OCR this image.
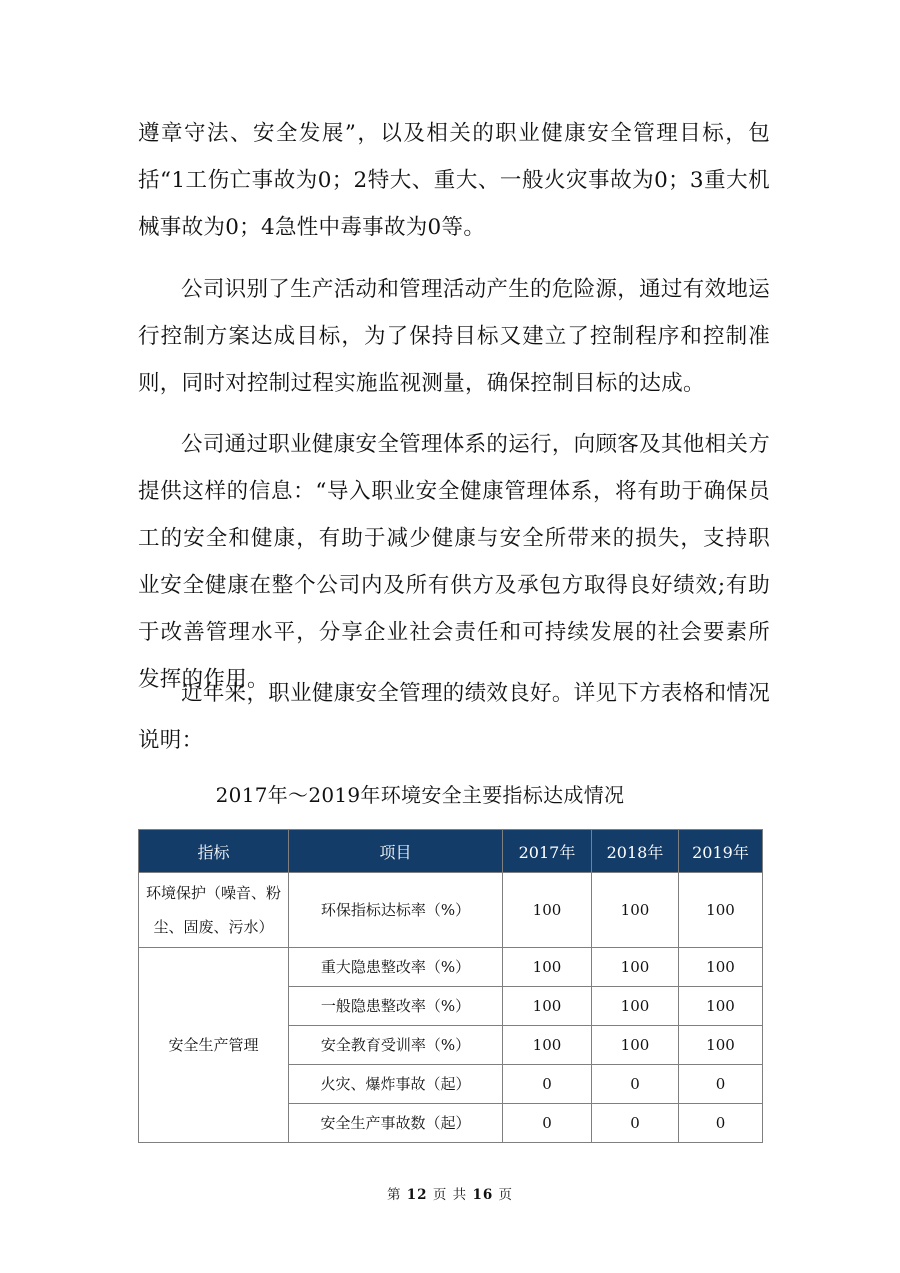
遵章守法、安全发展”，以及相关的职业健康安全管理目标，包括“1工伤亡事故为0；2特大、重大、一般火灾事故为0；3重大机械事故为0；4急性中毒事故为0等。

公司识别了生产活动和管理活动产生的危险源，通过有效地运行控制方案达成目标，为了保持目标又建立了控制程序和控制准则，同时对控制过程实施监视测量，确保控制目标的达成。

公司通过职业健康安全管理体系的运行，向顾客及其他相关方提供这样的信息：“导入职业安全健康管理体系，将有助于确保员工的安全和健康，有助于减少健康与安全所带来的损失，支持职业安全健康在整个公司内及所有供方及承包方取得良好绩效;有助于改善管理水平，分享企业社会责任和可持续发展的社会要素所发挥的作用。

近年来，职业健康安全管理的绩效良好。详见下方表格和情况说明：

2017年～2019年环境安全主要指标达成情况
指标	项目	2017年	2018年	2019年
环境保护（噪音、粉尘、固废、污水）	环保指标达标率（%）	100	100	100
安全生产管理	重大隐患整改率（%）	100	100	100
	一般隐患整改率（%）	100	100	100
	安全教育受训率（%）	100	100	100
	火灾、爆炸事故（起）	0	0	0
	安全生产事故数（起）	0	0	0
第 12 页 共 16 页
